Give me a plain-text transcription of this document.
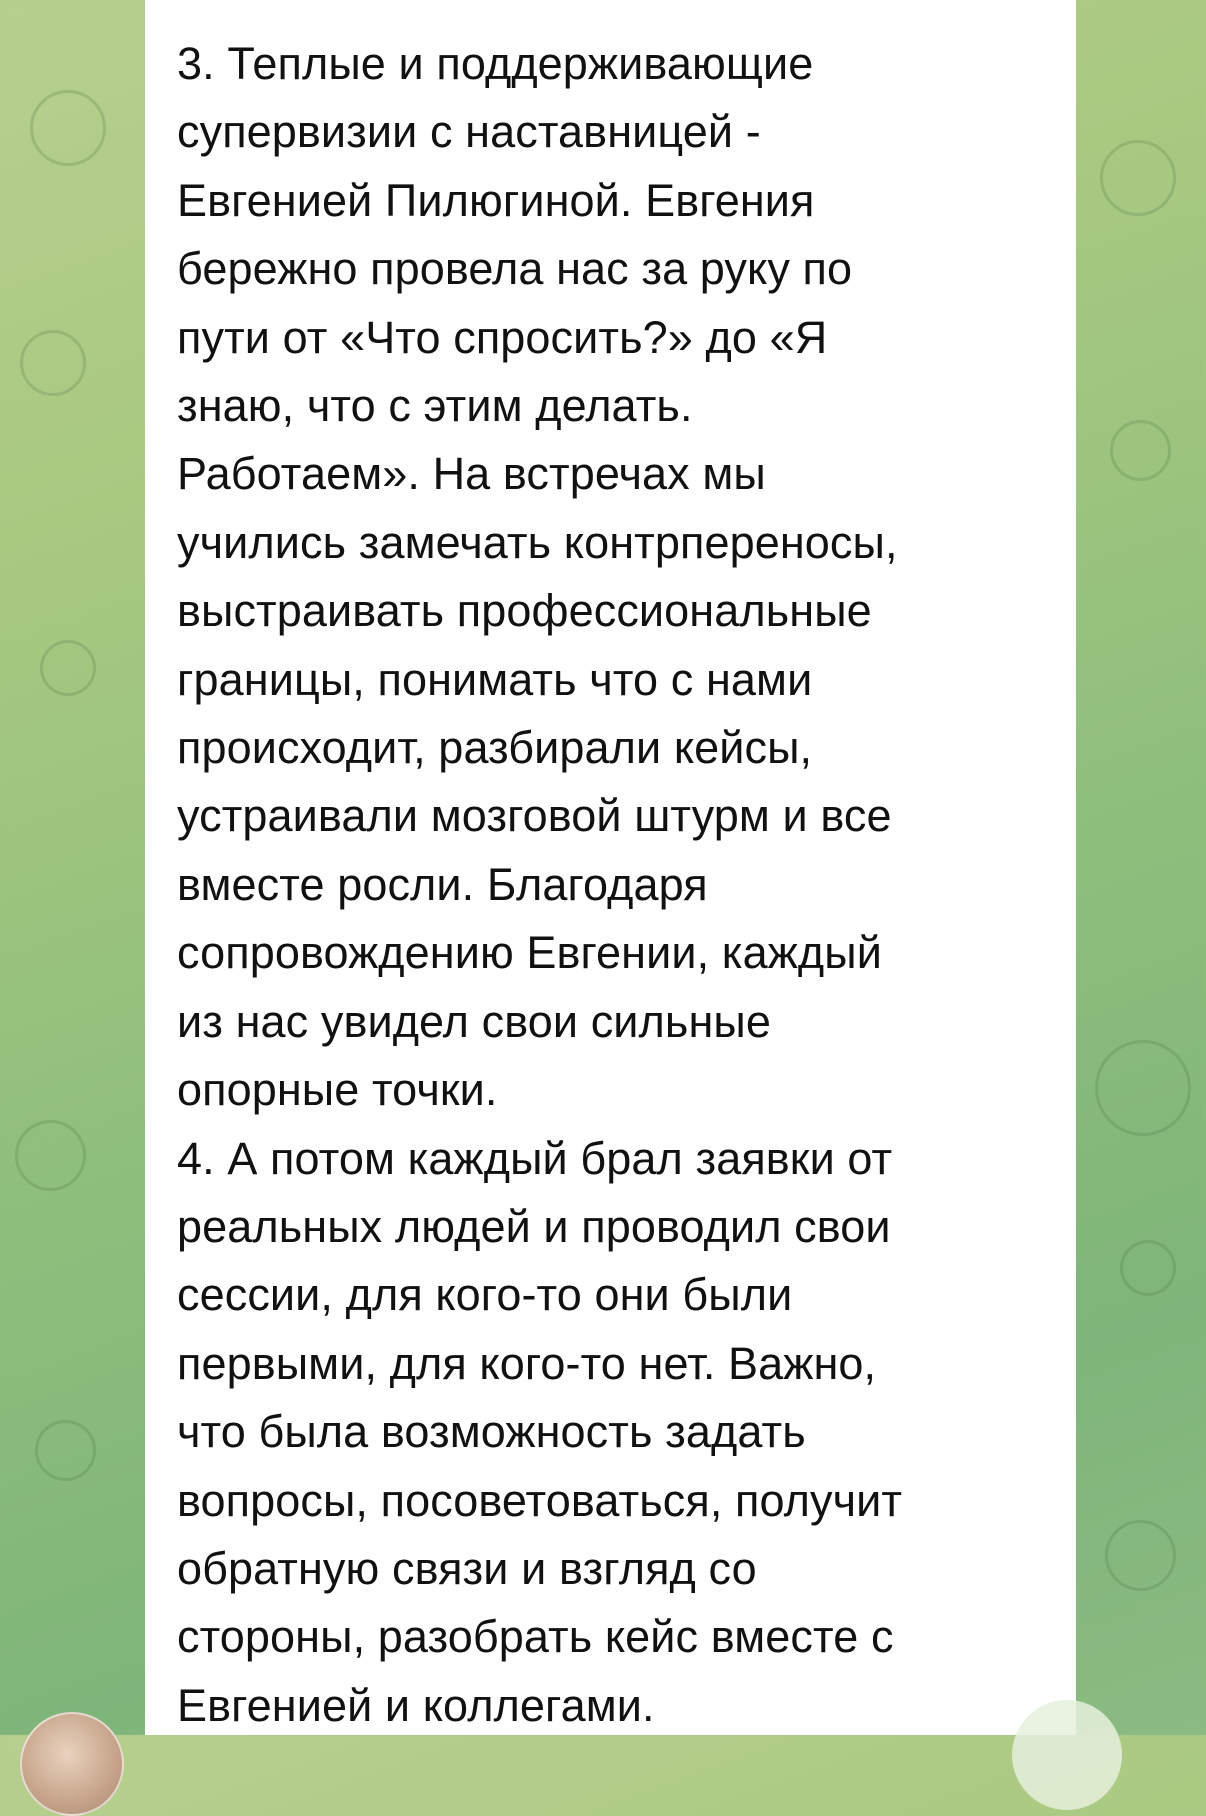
3. Теплые и поддерживающие
супервизии с наставницей -
Евгенией Пилюгиной. Евгения
бережно провела нас за руку по
пути от «Что спросить?» до «Я
знаю, что с этим делать.
Работаем». На встречах мы
учились замечать контрпереносы,
выстраивать профессиональные
границы, понимать что с нами
происходит, разбирали кейсы,
устраивали мозговой штурм и все
вместе росли. Благодаря
сопровождению Евгении, каждый
из нас увидел свои сильные
опорные точки.
4. А потом каждый брал заявки от
реальных людей и проводил свои
сессии, для кого-то они были
первыми, для кого-то нет. Важно,
что была возможность задать
вопросы, посоветоваться, получит
обратную связи и взгляд со
стороны, разобрать кейс вместе с
Евгенией и коллегами.
